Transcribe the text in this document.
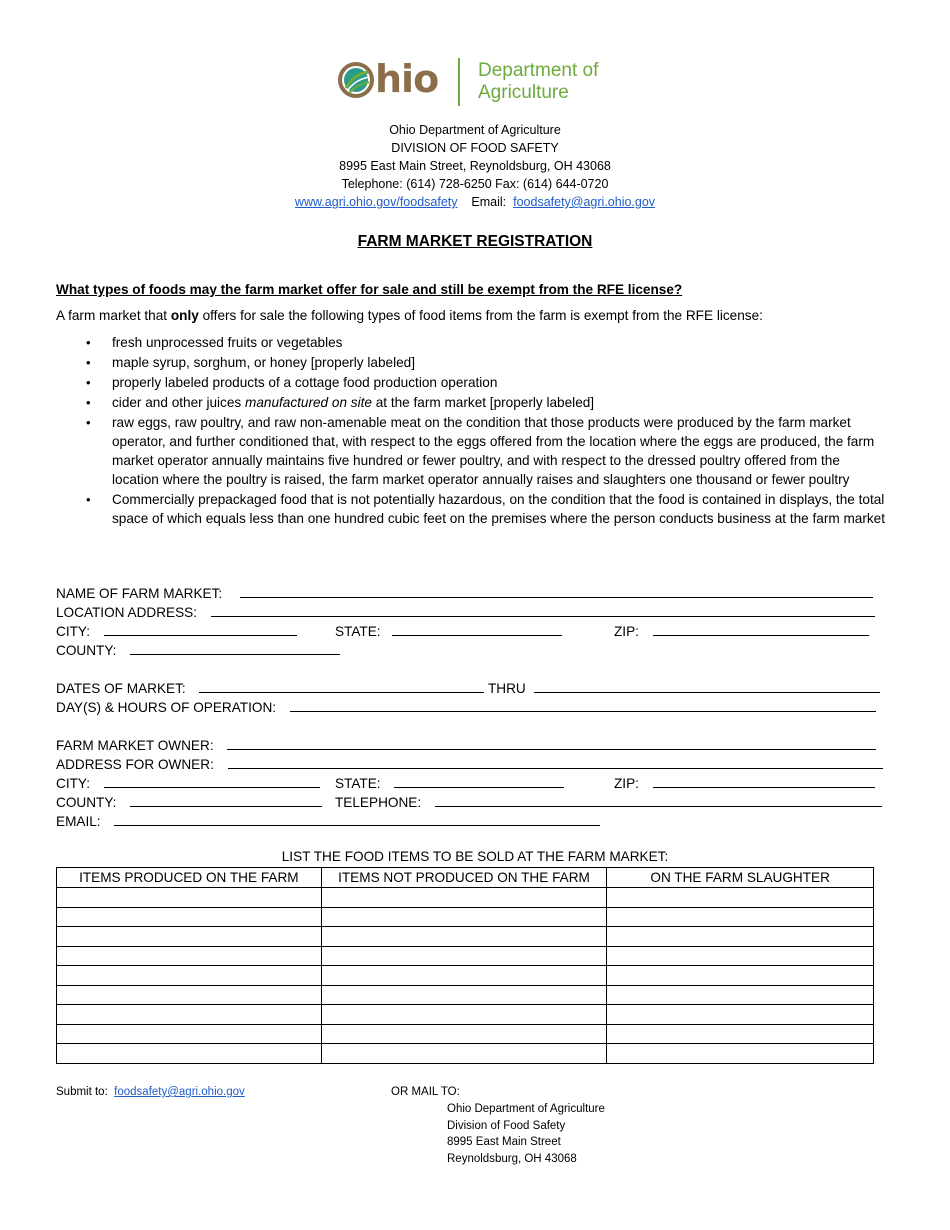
hio Department of
Agriculture
Ohio Department of Agriculture
DIVISION OF FOOD SAFETY
8995 East Main Street, Reynoldsburg, OH 43068
Telephone: (614) 728-6250 Fax: (614) 644-0720
www.agri.ohio.gov/foodsafety Email: foodsafety@agri.ohio.gov
FARM MARKET REGISTRATION
What types of foods may the farm market offer for sale and still be exempt from the RFE license?
A farm market that only offers for sale the following types of food items from the farm is exempt from the RFE license:
• fresh unprocessed fruits or vegetables
• maple syrup, sorghum, or honey [properly labeled]
• properly labeled products of a cottage food production operation
• cider and other juices manufactured on site at the farm market [properly labeled]
• raw eggs, raw poultry, and raw non-amenable meat on the condition that those products were produced by the farm market operator, and further conditioned that, with respect to the eggs offered from the location where the eggs are produced, the farm market operator annually maintains five hundred or fewer poultry, and with respect to the dressed poultry offered from the location where the poultry is raised, the farm market operator annually raises and slaughters one thousand or fewer poultry
• Commercially prepackaged food that is not potentially hazardous, on the condition that the food is contained in displays, the total space of which equals less than one hundred cubic feet on the premises where the person conducts business at the farm market
NAME OF FARM MARKET:
LOCATION ADDRESS:
CITY:	STATE:	ZIP:
COUNTY:
DATES OF MARKET:	THRU
DAY(S) & HOURS OF OPERATION:
FARM MARKET OWNER:
ADDRESS FOR OWNER:
CITY:	STATE:	ZIP:
COUNTY:	TELEPHONE:
EMAIL:
LIST THE FOOD ITEMS TO BE SOLD AT THE FARM MARKET:
ITEMS PRODUCED ON THE FARM	ITEMS NOT PRODUCED ON THE FARM	ON THE FARM SLAUGHTER

Submit to: foodsafety@agri.ohio.gov	OR MAIL TO:
Ohio Department of Agriculture
Division of Food Safety
8995 East Main Street
Reynoldsburg, OH 43068
